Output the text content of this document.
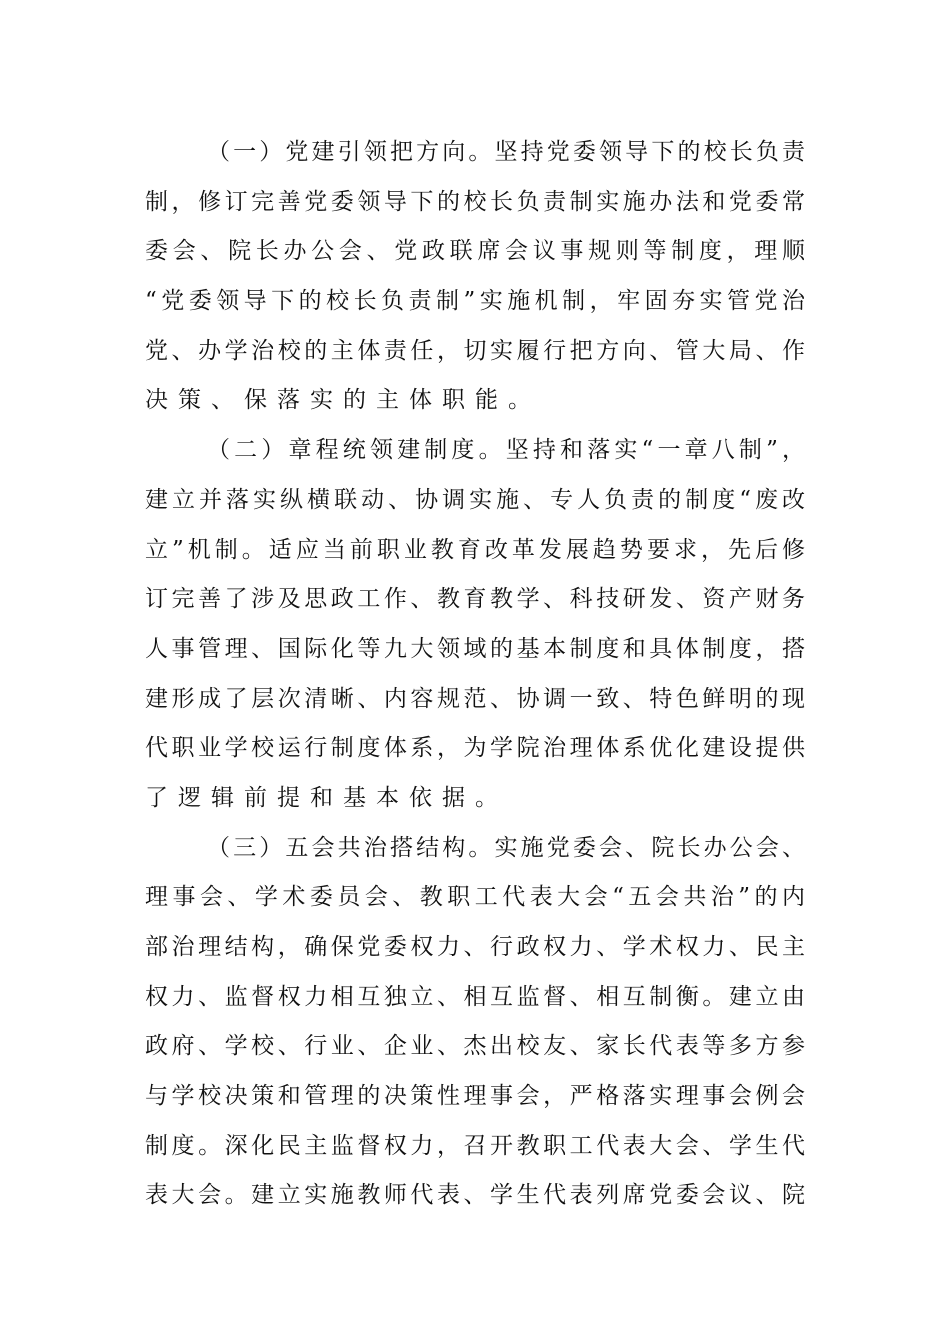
（一）党建引领把方向。坚持党委领导下的校长负责
制，修订完善党委领导下的校长负责制实施办法和党委常
委会、院长办公会、党政联席会议事规则等制度，理顺
“党委领导下的校长负责制”实施机制，牢固夯实管党治
党、办学治校的主体责任，切实履行把方向、管大局、作
决策、保落实的主体职能。
（二）章程统领建制度。坚持和落实“一章八制”，
建立并落实纵横联动、协调实施、专人负责的制度“废改
立”机制。适应当前职业教育改革发展趋势要求，先后修
订完善了涉及思政工作、教育教学、科技研发、资产财务
人事管理、国际化等九大领域的基本制度和具体制度，搭
建形成了层次清晰、内容规范、协调一致、特色鲜明的现
代职业学校运行制度体系，为学院治理体系优化建设提供
了逻辑前提和基本依据。
（三）五会共治搭结构。实施党委会、院长办公会、
理事会、学术委员会、教职工代表大会“五会共治”的内
部治理结构，确保党委权力、行政权力、学术权力、民主
权力、监督权力相互独立、相互监督、相互制衡。建立由
政府、学校、行业、企业、杰出校友、家长代表等多方参
与学校决策和管理的决策性理事会，严格落实理事会例会
制度。深化民主监督权力，召开教职工代表大会、学生代
表大会。建立实施教师代表、学生代表列席党委会议、院
